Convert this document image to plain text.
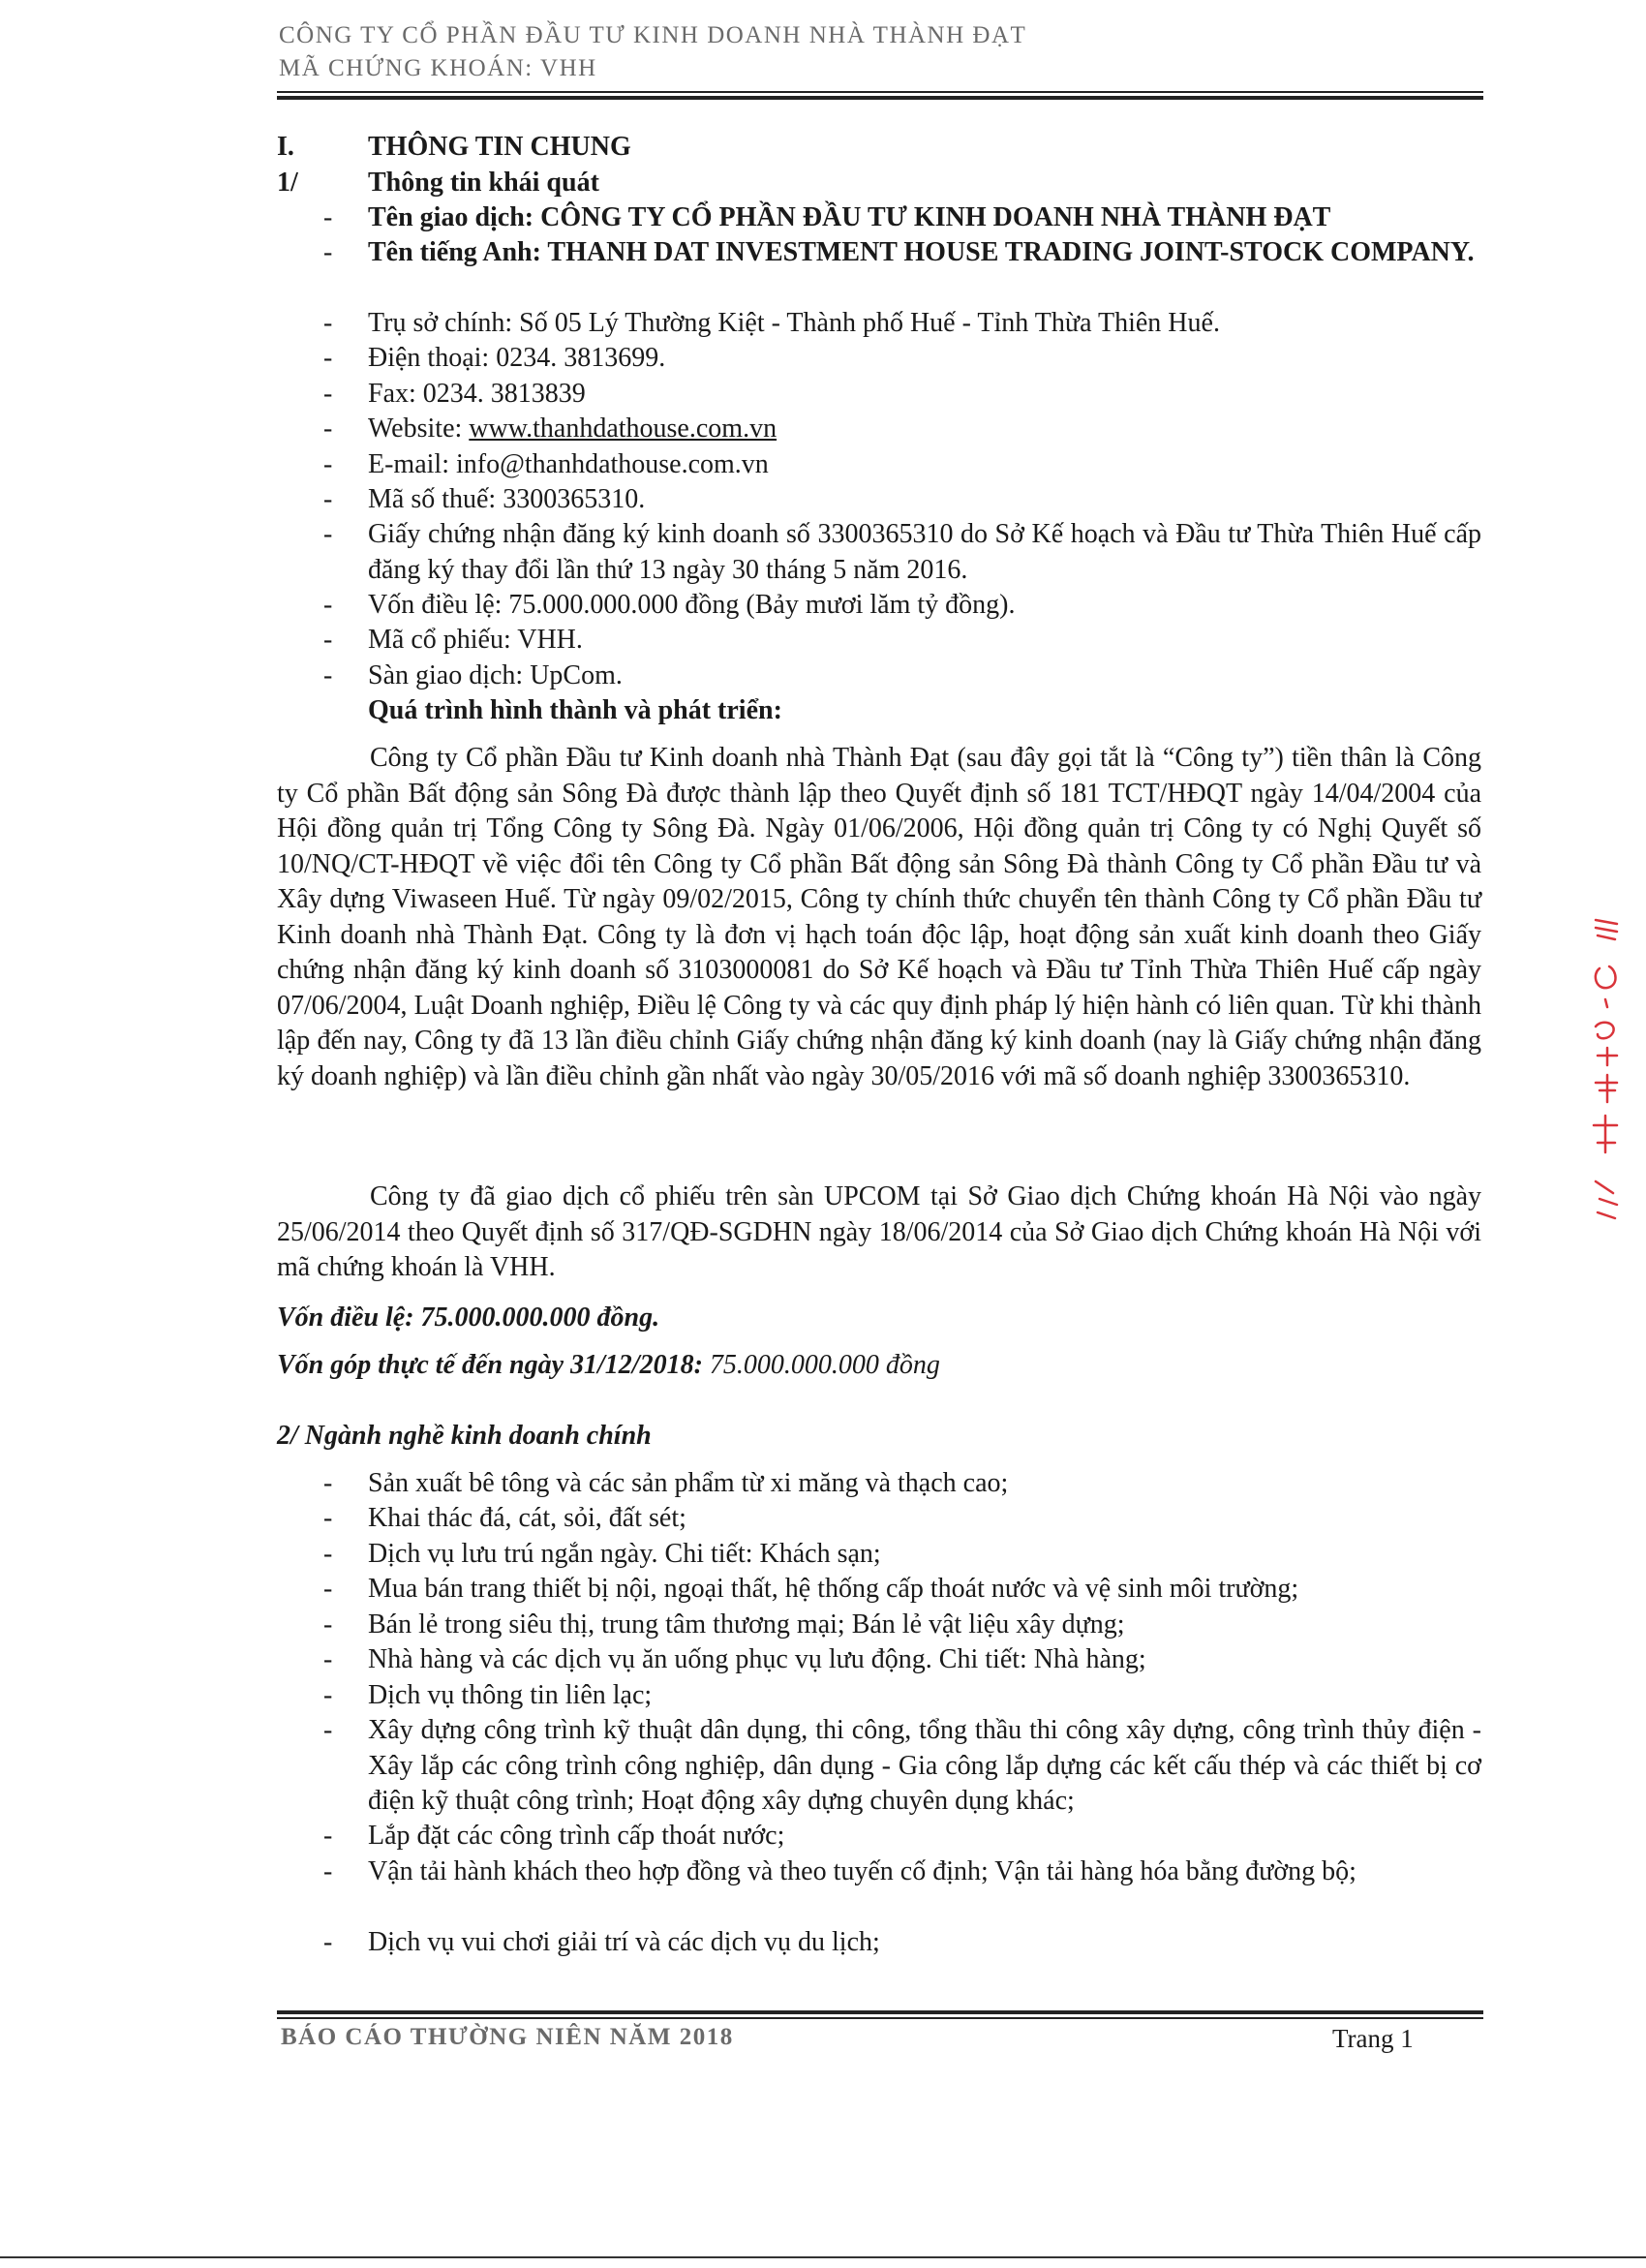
CÔNG TY CỔ PHẦN ĐẦU TƯ KINH DOANH NHÀ THÀNH ĐẠT
MÃ CHỨNG KHOÁN: VHH
I.	THÔNG TIN CHUNG
1/	Thông tin khái quát
- Tên giao dịch: CÔNG TY CỔ PHẦN ĐẦU TƯ KINH DOANH NHÀ THÀNH ĐẠT
- Tên tiếng Anh: THANH DAT INVESTMENT HOUSE TRADING JOINT-STOCK COMPANY.
- Trụ sở chính: Số 05 Lý Thường Kiệt - Thành phố Huế - Tỉnh Thừa Thiên Huế.
- Điện thoại: 0234. 3813699.
- Fax: 0234. 3813839
- Website: www.thanhdathouse.com.vn
- E-mail: info@thanhdathouse.com.vn
- Mã số thuế: 3300365310.
- Giấy chứng nhận đăng ký kinh doanh số 3300365310 do Sở Kế hoạch và Đầu tư Thừa Thiên Huế cấp đăng ký thay đổi lần thứ 13 ngày 30 tháng 5 năm 2016.
- Vốn điều lệ: 75.000.000.000 đồng (Bảy mươi lăm tỷ đồng).
- Mã cổ phiếu: VHH.
- Sàn giao dịch: UpCom.
Quá trình hình thành và phát triển:
Công ty Cổ phần Đầu tư Kinh doanh nhà Thành Đạt (sau đây gọi tắt là “Công ty”) tiền thân là Công ty Cổ phần Bất động sản Sông Đà được thành lập theo Quyết định số 181 TCT/HĐQT ngày 14/04/2004 của Hội đồng quản trị Tổng Công ty Sông Đà. Ngày 01/06/2006, Hội đồng quản trị Công ty có Nghị Quyết số 10/NQ/CT-HĐQT về việc đổi tên Công ty Cổ phần Bất động sản Sông Đà thành Công ty Cổ phần Đầu tư và Xây dựng Viwaseen Huế. Từ ngày 09/02/2015, Công ty chính thức chuyển tên thành Công ty Cổ phần Đầu tư Kinh doanh nhà Thành Đạt. Công ty là đơn vị hạch toán độc lập, hoạt động sản xuất kinh doanh theo Giấy chứng nhận đăng ký kinh doanh số 3103000081 do Sở Kế hoạch và Đầu tư Tỉnh Thừa Thiên Huế cấp ngày 07/06/2004, Luật Doanh nghiệp, Điều lệ Công ty và các quy định pháp lý hiện hành có liên quan. Từ khi thành lập đến nay, Công ty đã 13 lần điều chỉnh Giấy chứng nhận đăng ký kinh doanh (nay là Giấy chứng nhận đăng ký doanh nghiệp) và lần điều chỉnh gần nhất vào ngày 30/05/2016 với mã số doanh nghiệp 3300365310.
Công ty đã giao dịch cổ phiếu trên sàn UPCOM tại Sở Giao dịch Chứng khoán Hà Nội vào ngày 25/06/2014 theo Quyết định số 317/QĐ-SGDHN ngày 18/06/2014 của Sở Giao dịch Chứng khoán Hà Nội với mã chứng khoán là VHH.
Vốn điều lệ: 75.000.000.000 đồng.
Vốn góp thực tế đến ngày 31/12/2018: 75.000.000.000 đồng
2/ Ngành nghề kinh doanh chính
- Sản xuất bê tông và các sản phẩm từ xi măng và thạch cao;
- Khai thác đá, cát, sỏi, đất sét;
- Dịch vụ lưu trú ngắn ngày. Chi tiết: Khách sạn;
- Mua bán trang thiết bị nội, ngoại thất, hệ thống cấp thoát nước và vệ sinh môi trường;
- Bán lẻ trong siêu thị, trung tâm thương mại; Bán lẻ vật liệu xây dựng;
- Nhà hàng và các dịch vụ ăn uống phục vụ lưu động. Chi tiết: Nhà hàng;
- Dịch vụ thông tin liên lạc;
- Xây dựng công trình kỹ thuật dân dụng, thi công, tổng thầu thi công xây dựng, công trình thủy điện - Xây lắp các công trình công nghiệp, dân dụng - Gia công lắp dựng các kết cấu thép và các thiết bị cơ điện kỹ thuật công trình; Hoạt động xây dựng chuyên dụng khác;
- Lắp đặt các công trình cấp thoát nước;
- Vận tải hành khách theo hợp đồng và theo tuyến cố định; Vận tải hàng hóa bằng đường bộ;
- Dịch vụ vui chơi giải trí và các dịch vụ du lịch;
BÁO CÁO THƯỜNG NIÊN NĂM 2018	Trang 1
